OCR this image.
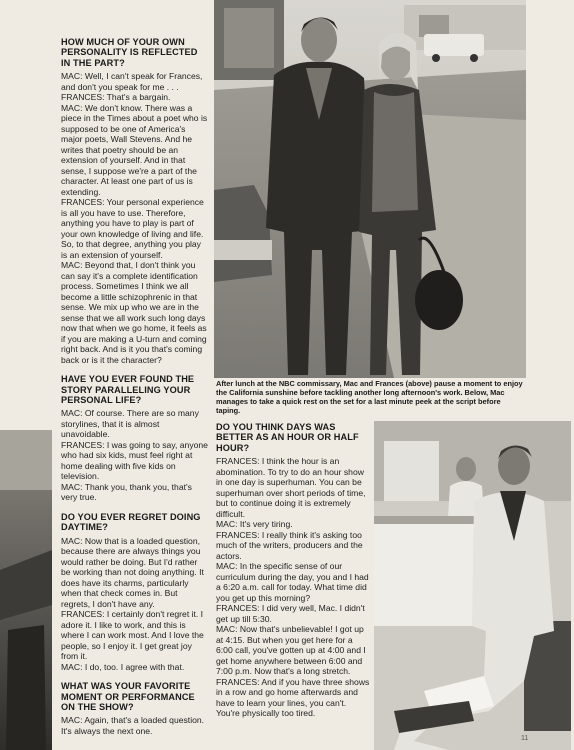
HOW MUCH OF YOUR OWN PERSONALITY IS REFLECTED IN THE PART?

MAC: Well, I can't speak for Frances, and don't you speak for me . . .

FRANCES: That's a bargain.

MAC: We don't know. There was a piece in the Times about a poet who is supposed to be one of America's major poets, Wall Stevens. And he writes that poetry should be an extension of yourself. And in that sense, I suppose we're a part of the character. At least one part of us is extending.

FRANCES: Your personal experience is all you have to use. Therefore, anything you have to play is part of your own knowledge of living and life. So, to that degree, anything you play is an extension of yourself.

MAC: Beyond that, I don't think you can say it's a complete identification process. Sometimes I think we all become a little schizophrenic in that sense. We mix up who we are in the sense that we all work such long days now that when we go home, it feels as if you are making a U-turn and coming right back. And is it you that's coming back or is it the character?

HAVE YOU EVER FOUND THE STORY PARALLELING YOUR PERSONAL LIFE?

MAC: Of course. There are so many storylines, that it is almost unavoidable.

FRANCES: I was going to say, anyone who had six kids, must feel right at home dealing with five kids on television.

MAC: Thank you, thank you, that's very true.

DO YOU EVER REGRET DOING DAYTIME?

MAC: Now that is a loaded question, because there are always things you would rather be doing. But I'd rather be working than not doing anything. It does have its charms, particularly when that check comes in. But regrets, I don't have any.

FRANCES: I certainly don't regret it. I adore it. I like to work, and this is where I can work most. And I love the people, so I enjoy it. I get great joy from it.

MAC: I do, too. I agree with that.

WHAT WAS YOUR FAVORITE MOMENT OR PERFORMANCE ON THE SHOW?

MAC: Again, that's a loaded question. It's always the next one.

After lunch at the NBC commissary, Mac and Frances (above) pause a moment to enjoy the California sunshine before tackling another long afternoon's work. Below, Mac manages to take a quick rest on the set for a last minute peek at the script before taping.
DO YOU THINK DAYS WAS BETTER AS AN HOUR OR HALF HOUR?

FRANCES: I think the hour is an abomination. To try to do an hour show in one day is superhuman. You can be superhuman over short periods of time, but to continue doing it is extremely difficult.

MAC: It's very tiring.

FRANCES: I really think it's asking too much of the writers, producers and the actors.

MAC: In the specific sense of our curriculum during the day, you and I had a 6:20 a.m. call for today. What time did you get up this morning?

FRANCES: I did very well, Mac. I didn't get up till 5:30.

MAC: Now that's unbelievable! I got up at 4:15. But when you get here for a 6:00 call, you've gotten up at 4:00 and I get home anywhere between 6:00 and 7:00 p.m. Now that's a long stretch.

FRANCES: And if you have three shows in a row and go home afterwards and have to learn your lines, you can't. You're physically too tired.

11
